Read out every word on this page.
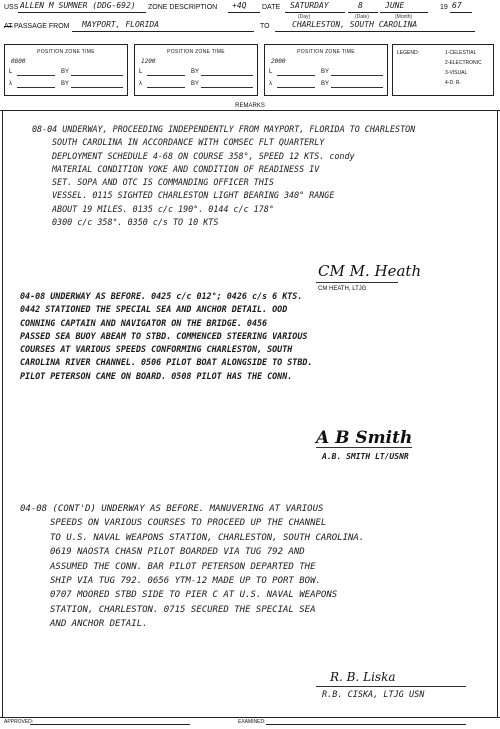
USS ALLEN M SUMNER (DDG-692) ZONE DESCRIPTION +4Q DATE SATURDAY	8	JUNE	19 67
(Day)	(Date)	(Month)
AT PASSAGE FROM MAYPORT, FLORIDA	TO	CHARLESTON, SOUTH CAROLINA
POSITION ZONE TIME
0800
L	BY
λ	BY
POSITION ZONE TIME
1200
L	BY
λ	BY
POSITION ZONE TIME
2000
L	BY
λ	BY
LEGEND:	1-CELESTIAL
2-ELECTRONIC
3-VISUAL
4-D. R.
REMARKS
08-04 UNDERWAY, PROCEEDING INDEPENDENTLY FROM MAYPORT, FLORIDA TO CHARLESTON
SOUTH CAROLINA IN ACCORDANCE WITH COMSEC FLT QUARTERLY
DEPLOYMENT SCHEDULE 4-68 ON COURSE 358°, SPEED 12 KTS. condy
MATERIAL CONDITION YOKE AND CONDITION OF READINESS IV
SET. SOPA AND OTC IS COMMANDING OFFICER THIS
VESSEL. 0115 SIGHTED CHARLESTON LIGHT BEARING 340° RANGE
ABOUT 19 MILES. 0135 c/c 190°. 0144 c/c 178°
0300 c/c 358°. 0350 c/s TO 10 KTS
CM M. Heath
CM HEATH, LTJG
04-08 UNDERWAY AS BEFORE. 0425 c/c 012°; 0426 c/s 6 KTS.
0442 STATIONED THE SPECIAL SEA AND ANCHOR DETAIL. OOD
CONNING CAPTAIN AND NAVIGATOR ON THE BRIDGE. 0456
PASSED SEA BUOY ABEAM TO STBD. COMMENCED STEERING VARIOUS
COURSES AT VARIOUS SPEEDS CONFORMING CHARLESTON, SOUTH
CAROLINA RIVER CHANNEL. 0506 PILOT BOAT ALONGSIDE TO STBD.
PILOT PETERSON CAME ON BOARD. 0508 PILOT HAS THE CONN.
A B Smith
A.B. SMITH LT/USNR
04-08 (CONT'D) UNDERWAY AS BEFORE. MANUVERING AT VARIOUS
SPEEDS ON VARIOUS COURSES TO PROCEED UP THE CHANNEL
TO U.S. NAVAL WEAPONS STATION, CHARLESTON, SOUTH CAROLINA.
0619 NAOSTA CHASN PILOT BOARDED VIA TUG 792 AND
ASSUMED THE CONN. BAR PILOT PETERSON DEPARTED THE
SHIP VIA TUG 792. 0656 YTM-12 MADE UP TO PORT BOW.
0707 MOORED STBD SIDE TO PIER C AT U.S. NAVAL WEAPONS
STATION, CHARLESTON. 0715 SECURED THE SPECIAL SEA
AND ANCHOR DETAIL.
R. B. Liska
R.B. CISKA, LTJG USN
APPROVED:	EXAMINED:
